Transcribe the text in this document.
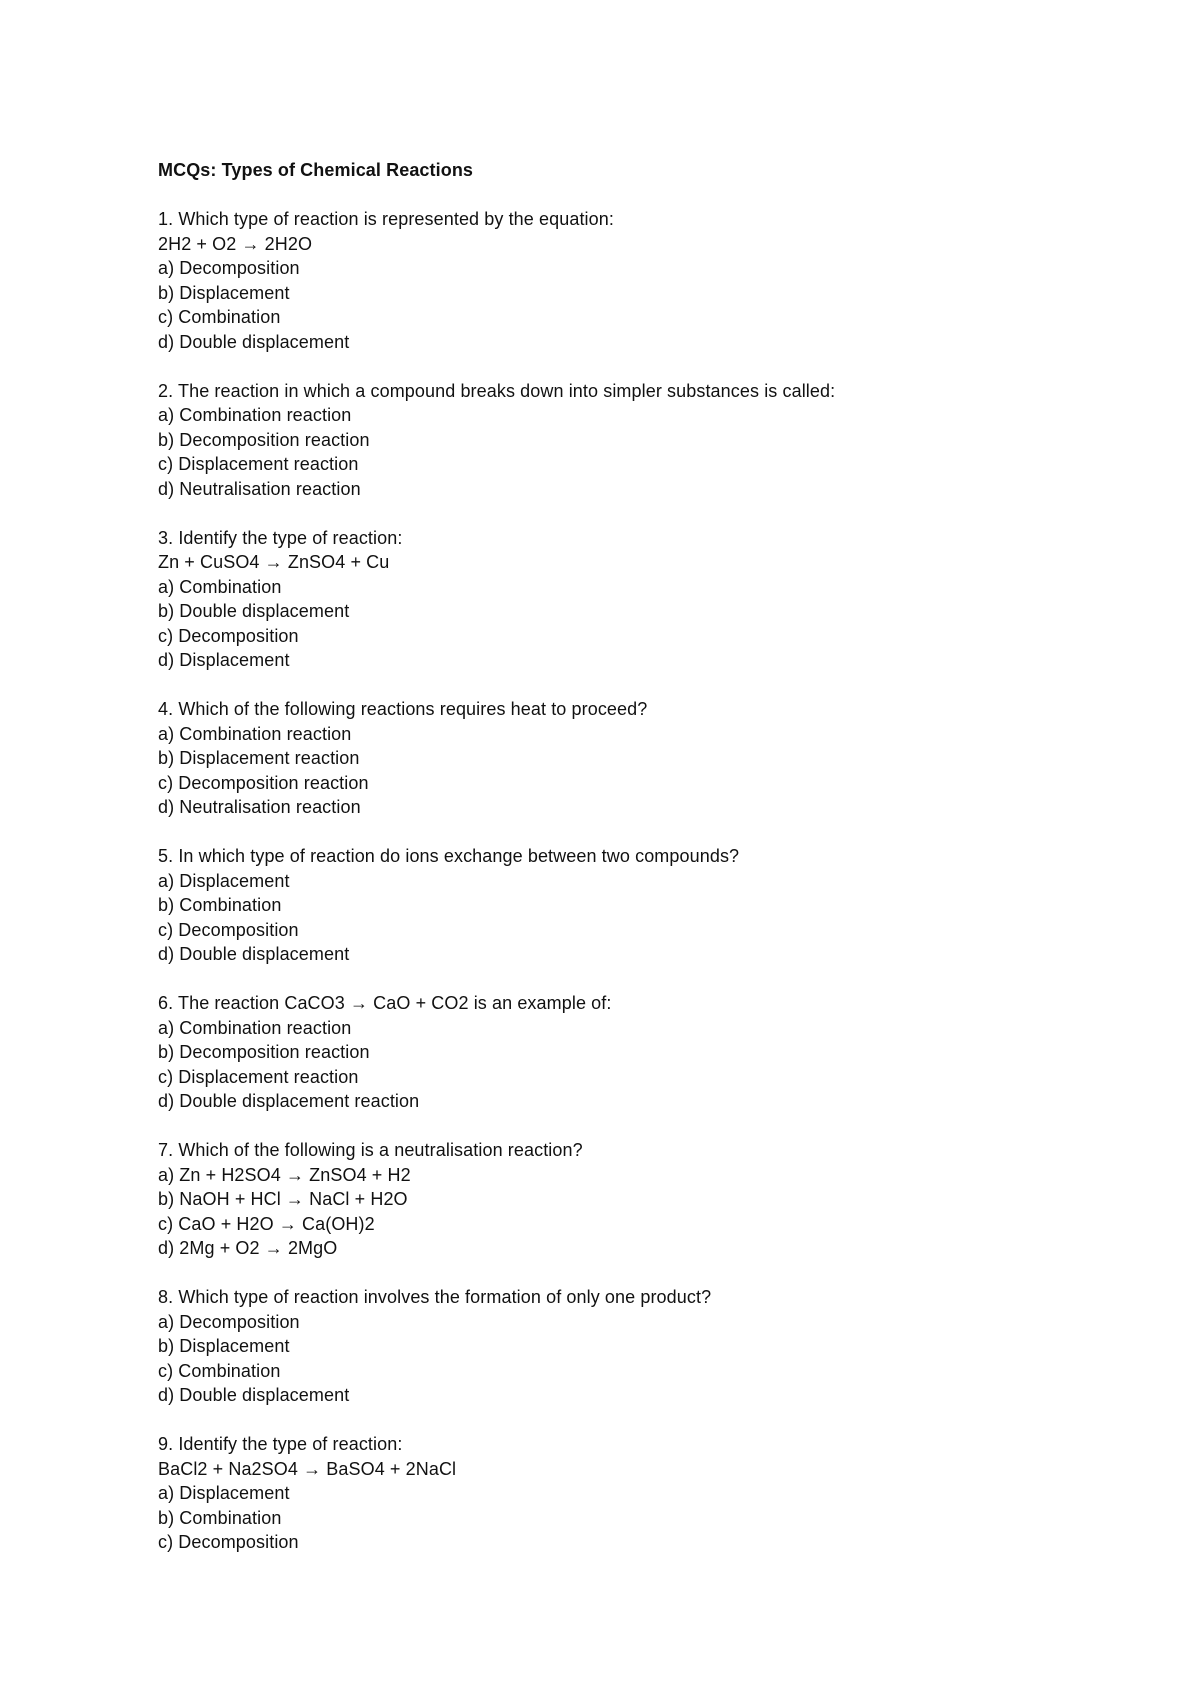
MCQs: Types of Chemical Reactions
1. Which type of reaction is represented by the equation:
2H2 + O2 → 2H2O
a) Decomposition
b) Displacement
c) Combination
d) Double displacement
2. The reaction in which a compound breaks down into simpler substances is called:
a) Combination reaction
b) Decomposition reaction
c) Displacement reaction
d) Neutralisation reaction
3. Identify the type of reaction:
Zn + CuSO4 → ZnSO4 + Cu
a) Combination
b) Double displacement
c) Decomposition
d) Displacement
4. Which of the following reactions requires heat to proceed?
a) Combination reaction
b) Displacement reaction
c) Decomposition reaction
d) Neutralisation reaction
5. In which type of reaction do ions exchange between two compounds?
a) Displacement
b) Combination
c) Decomposition
d) Double displacement
6. The reaction CaCO3 → CaO + CO2 is an example of:
a) Combination reaction
b) Decomposition reaction
c) Displacement reaction
d) Double displacement reaction
7. Which of the following is a neutralisation reaction?
a) Zn + H2SO4 → ZnSO4 + H2
b) NaOH + HCl → NaCl + H2O
c) CaO + H2O → Ca(OH)2
d) 2Mg + O2 → 2MgO
8. Which type of reaction involves the formation of only one product?
a) Decomposition
b) Displacement
c) Combination
d) Double displacement
9. Identify the type of reaction:
BaCl2 + Na2SO4 → BaSO4 + 2NaCl
a) Displacement
b) Combination
c) Decomposition
